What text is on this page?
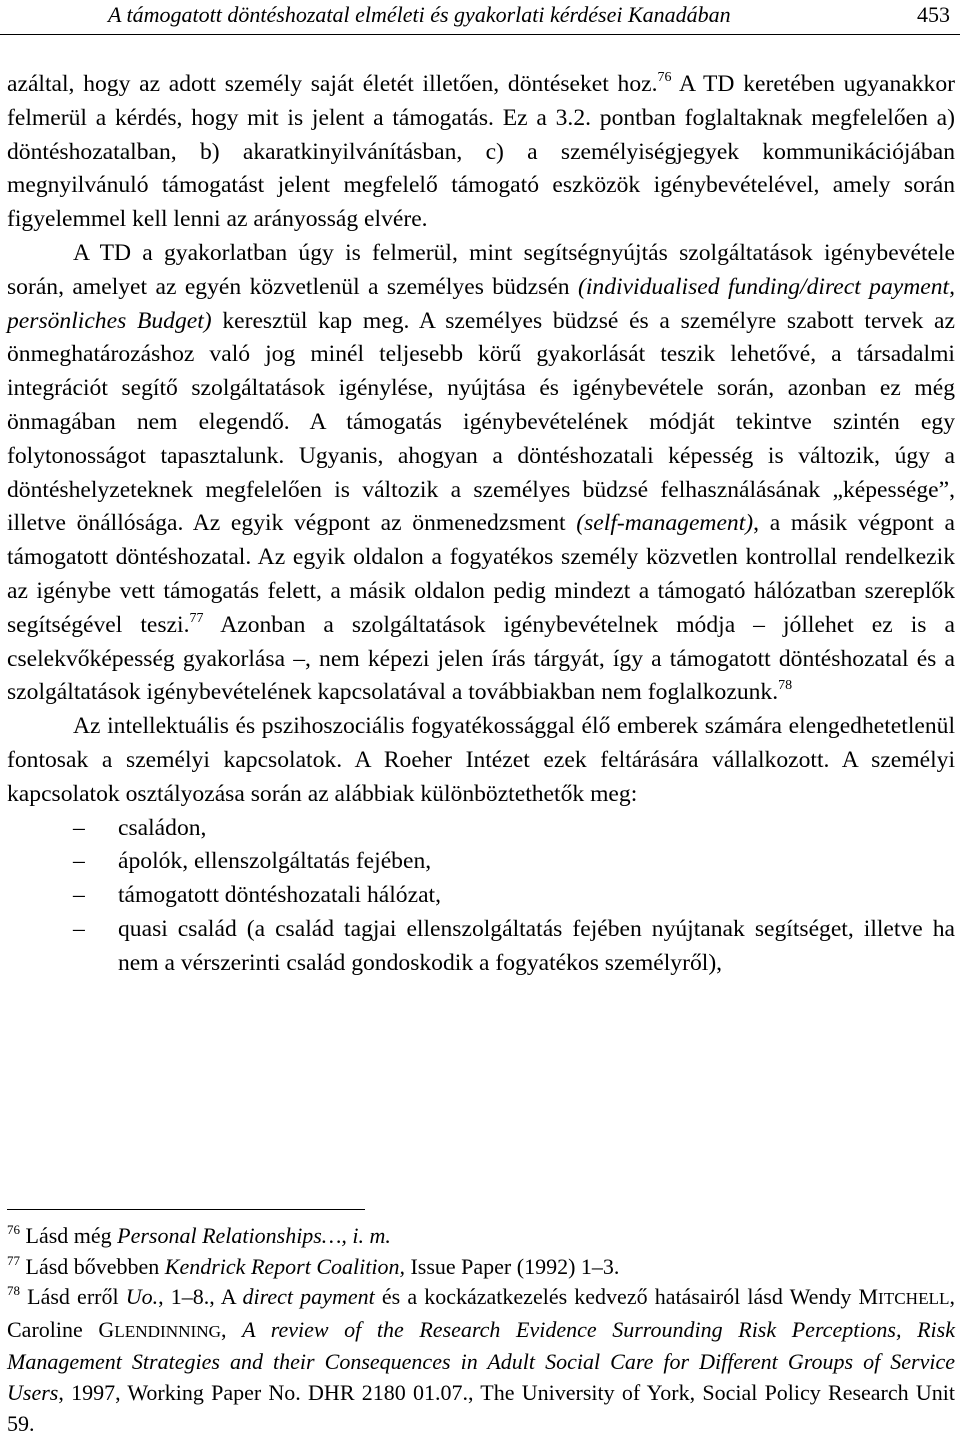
A támogatott döntéshozatal elméleti és gyakorlati kérdései Kanadában	453

azáltal, hogy az adott személy saját életét illetően, döntéseket hoz.$^{76}$ A TD keretében ugyanakkor felmerül a kérdés, hogy mit is jelent a támogatás. Ez a 3.2. pontban foglaltaknak megfelelően a) döntéshozatalban, b) akaratkinyilvánításban, c) a személyiségjegyek kommunikációjában megnyilvánuló támogatást jelent megfelelő támogató eszközök igénybevételével, amely során figyelemmel kell lenni az arányosság elvére.

A TD a gyakorlatban úgy is felmerül, mint segítségnyújtás szolgáltatások igénybevétele során, amelyet az egyén közvetlenül a személyes büdzsén (individualised funding/direct payment, persönliches Budget) keresztül kap meg. A személyes büdzsé és a személyre szabott tervek az önmeghatározáshoz való jog minél teljesebb körű gyakorlását teszik lehetővé, a társadalmi integrációt segítő szolgáltatások igénylése, nyújtása és igénybevétele során, azonban ez még önmagában nem elegendő. A támogatás igénybevételének módját tekintve szintén egy folytonosságot tapasztalunk. Ugyanis, ahogyan a döntéshozatali képesség is változik, úgy a döntéshelyzeteknek megfelelően is változik a személyes büdzsé felhasználásának „képessége”, illetve önállósága. Az egyik végpont az önmenedzsment (self-management), a másik végpont a támogatott döntéshozatal. Az egyik oldalon a fogyatékos személy közvetlen kontrollal rendelkezik az igénybe vett támogatás felett, a másik oldalon pedig mindezt a támogató hálózatban szereplők segítségével teszi.$^{77}$ Azonban a szolgáltatások igénybevételnek módja – jóllehet ez is a cselekvőképesség gyakorlása –, nem képezi jelen írás tárgyát, így a támogatott döntéshozatal és a szolgáltatások igénybevételének kapcsolatával a továbbiakban nem foglalkozunk.$^{78}$

Az intellektuális és pszihoszociális fogyatékossággal élő emberek számára elengedhetetlenül fontosak a személyi kapcsolatok. A Roeher Intézet ezek feltárására vállalkozott. A személyi kapcsolatok osztályozása során az alábbiak különböztethetők meg:

– családon,
– ápolók, ellenszolgáltatás fejében,
– támogatott döntéshozatali hálózat,
– quasi család (a család tagjai ellenszolgáltatás fejében nyújtanak segítséget, illetve ha nem a vérszerinti család gondoskodik a fogyatékos személyről),

$^{76}$ Lásd még Personal Relationships…, i. m.

$^{77}$ Lásd bővebben Kendrick Report Coalition, Issue Paper (1992) 1–3.

$^{78}$ Lásd erről Uo., 1–8., A direct payment és a kockázatkezelés kedvező hatásairól lásd Wendy MITCHELL, Caroline GLENDINNING, A review of the Research Evidence Surrounding Risk Perceptions, Risk Management Strategies and their Consequences in Adult Social Care for Different Groups of Service Users, 1997, Working Paper No. DHR 2180 01.07., The University of York, Social Policy Research Unit 59.
